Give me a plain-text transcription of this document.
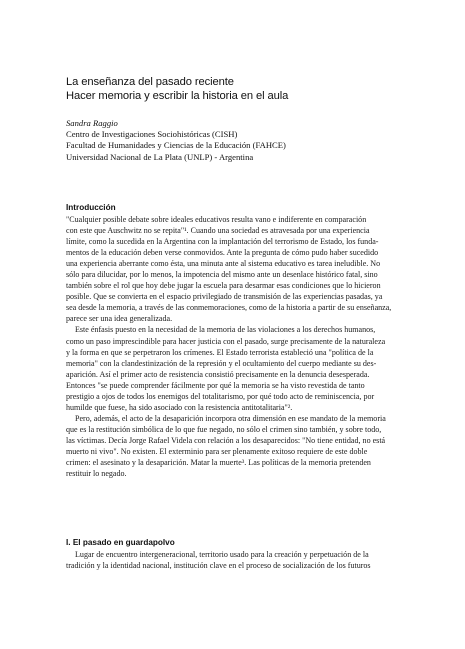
La enseñanza del pasado reciente
Hacer memoria y escribir la historia en el aula
Sandra Raggio
Centro de Investigaciones Sociohistóricas (CISH)
Facultad de Humanidades y Ciencias de la Educación (FAHCE)
Universidad Nacional de La Plata (UNLP) - Argentina
Introducción
"Cualquier posible debate sobre ideales educativos resulta vano e indiferente en comparación
con este que Auschwitz no se repita"¹. Cuando una sociedad es atravesada por una experiencia
límite, como la sucedida en la Argentina con la implantación del terrorismo de Estado, los funda-
mentos de la educación deben verse conmovidos. Ante la pregunta de cómo pudo haber sucedido
una experiencia aberrante como ésta, una minuta ante al sistema educativo es tarea ineludible. No
sólo para dilucidar, por lo menos, la impotencia del mismo ante un desenlace histórico fatal, sino
también sobre el rol que hoy debe jugar la escuela para desarmar esas condiciones que lo hicieron
posible. Que se convierta en el espacio privilegiado de transmisión de las experiencias pasadas, ya
sea desde la memoria, a través de las conmemoraciones, como de la historia a partir de su enseñanza,
parece ser una idea generalizada.
Este énfasis puesto en la necesidad de la memoria de las violaciones a los derechos humanos,
como un paso imprescindible para hacer justicia con el pasado, surge precisamente de la naturaleza
y la forma en que se perpetraron los crímenes. El Estado terrorista estableció una "política de la
memoria" con la clandestinización de la represión y el ocultamiento del cuerpo mediante su des-
aparición. Así el primer acto de resistencia consistió precisamente en la denuncia desesperada.
Entonces "se puede comprender fácilmente por qué la memoria se ha visto revestida de tanto
prestigio a ojos de todos los enemigos del totalitarismo, por qué todo acto de reminiscencia, por
humilde que fuese, ha sido asociado con la resistencia antitotalitaria"².
Pero, además, el acto de la desaparición incorpora otra dimensión en ese mandato de la memoria
que es la restitución simbólica de lo que fue negado, no sólo el crimen sino también, y sobre todo,
las víctimas. Decía Jorge Rafael Videla con relación a los desaparecidos: "No tiene entidad, no está
muerto ni vivo". No existen. El exterminio para ser plenamente exitoso requiere de este doble
crimen: el asesinato y la desaparición. Matar la muerte³. Las políticas de la memoria pretenden
restituir lo negado.
I. El pasado en guardapolvo
Lugar de encuentro intergeneracional, territorio usado para la creación y perpetuación de la
tradición y la identidad nacional, institución clave en el proceso de socialización de los futuros
